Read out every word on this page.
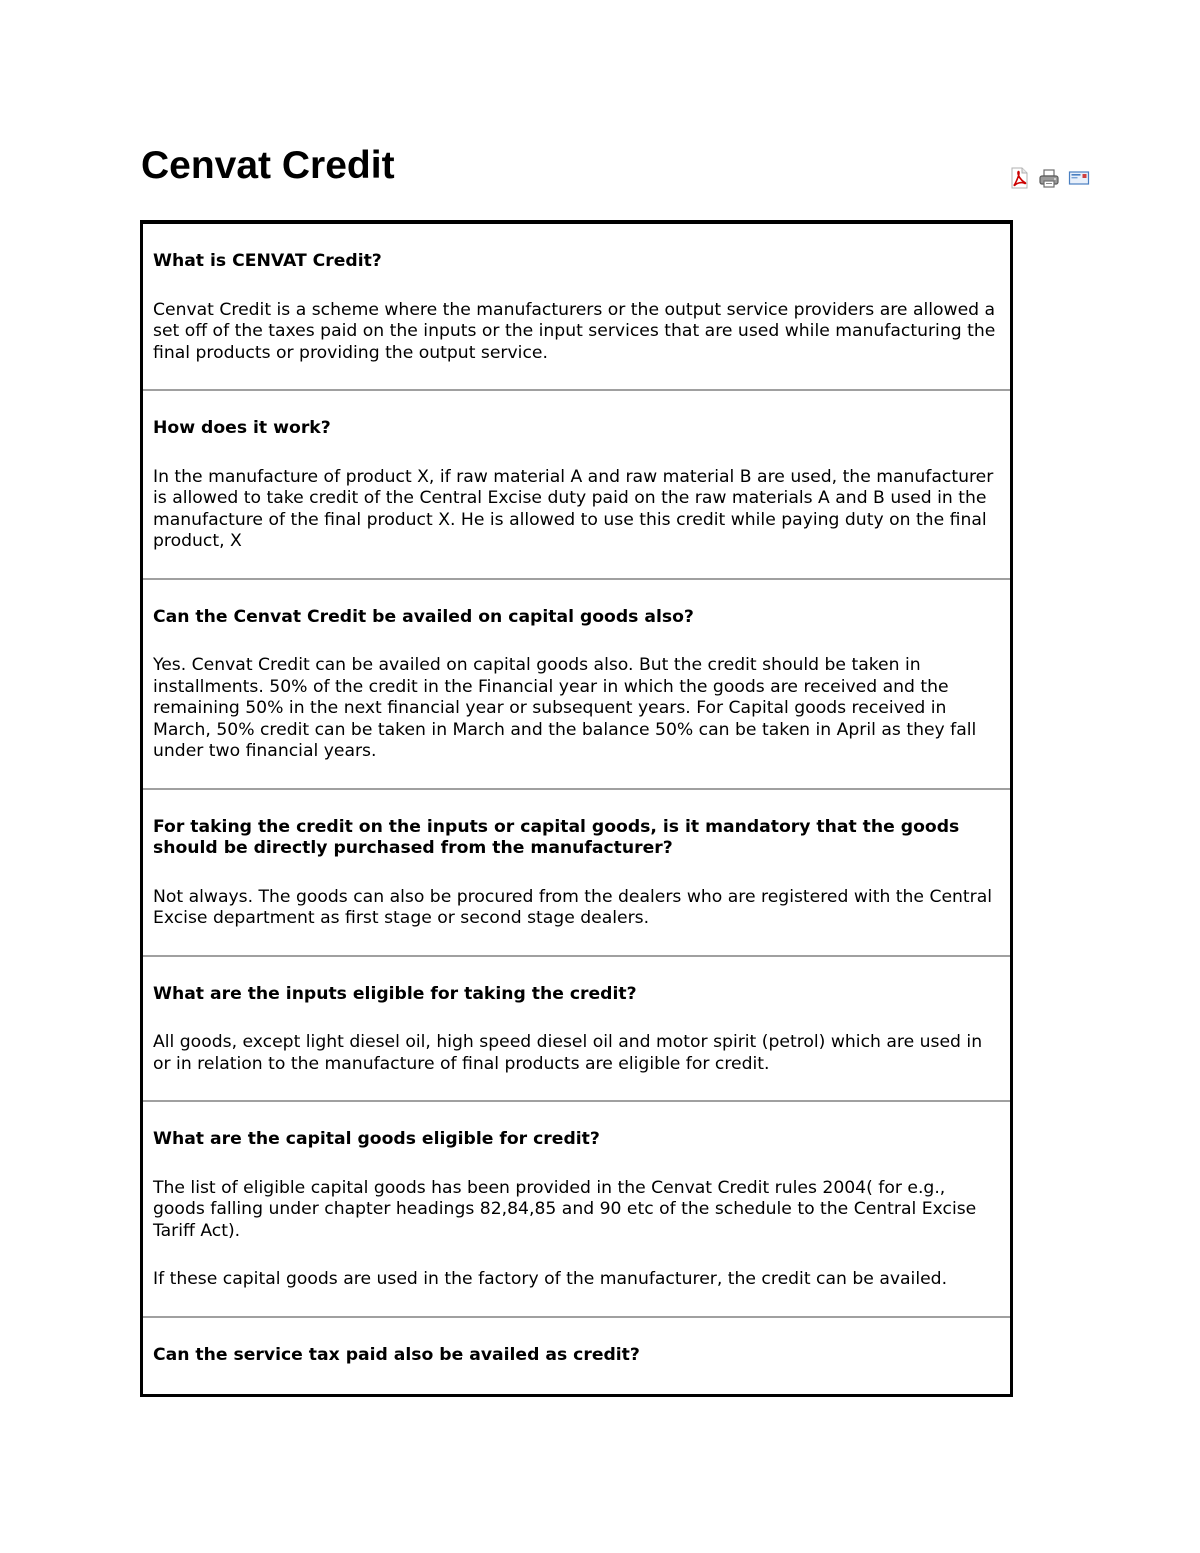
Cenvat Credit

What is CENVAT Credit?

Cenvat Credit is a scheme where the manufacturers or the output service providers are allowed a set off of the taxes paid on the inputs or the input services that are used while manufacturing the final products or providing the output service.

How does it work?

In the manufacture of product X, if raw material A and raw material B are used, the manufacturer is allowed to take credit of the Central Excise duty paid on the raw materials A and B used in the manufacture of the final product X. He is allowed to use this credit while paying duty on the final product, X

Can the Cenvat Credit be availed on capital goods also?

Yes. Cenvat Credit can be availed on capital goods also. But the credit should be taken in installments. 50% of the credit in the Financial year in which the goods are received and the remaining 50% in the next financial year or subsequent years. For Capital goods received in March, 50% credit can be taken in March and the balance 50% can be taken in April as they fall under two financial years.

For taking the credit on the inputs or capital goods, is it mandatory that the goods should be directly purchased from the manufacturer?

Not always. The goods can also be procured from the dealers who are registered with the Central Excise department as first stage or second stage dealers.

What are the inputs eligible for taking the credit?

All goods, except light diesel oil, high speed diesel oil and motor spirit (petrol) which are used in or in relation to the manufacture of final products are eligible for credit.

What are the capital goods eligible for credit?

The list of eligible capital goods has been provided in the Cenvat Credit rules 2004( for e.g., goods falling under chapter headings 82,84,85 and 90 etc of the schedule to the Central Excise Tariff Act).

If these capital goods are used in the factory of the manufacturer, the credit can be availed.

Can the service tax paid also be availed as credit?
